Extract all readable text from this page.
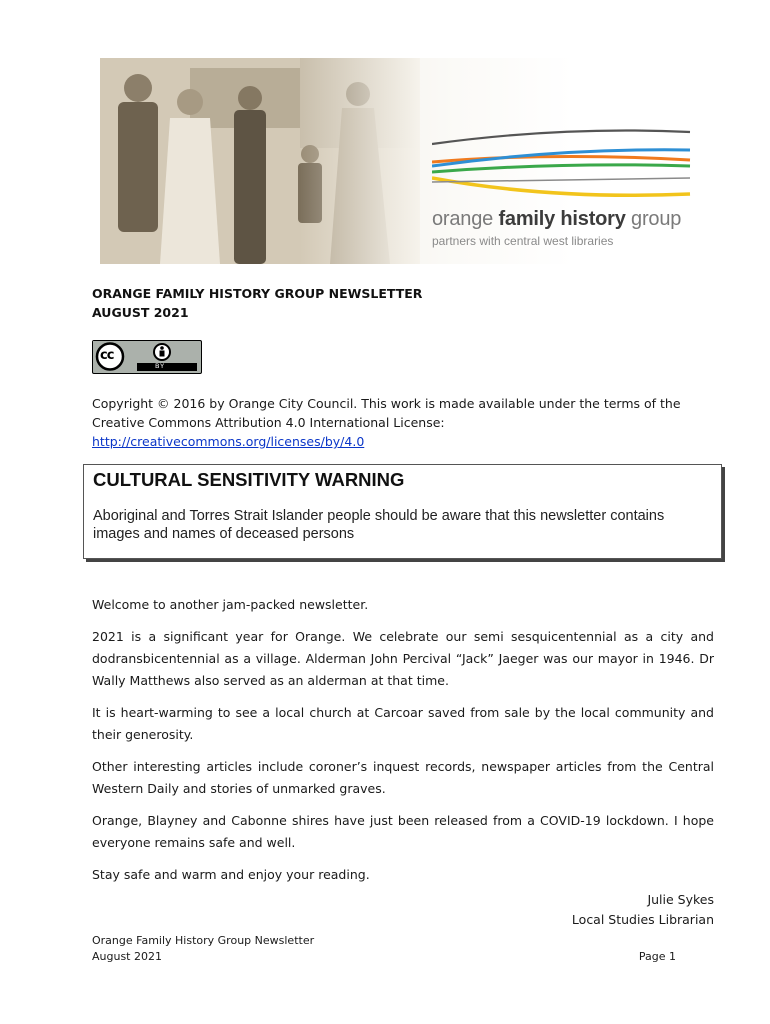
orange family history group
partners with central west libraries
ORANGE FAMILY HISTORY GROUP NEWSLETTER
AUGUST 2021
cc
BY
Copyright © 2016 by Orange City Council. This work is made available under the terms of the Creative Commons Attribution 4.0 International License:
http://creativecommons.org/licenses/by/4.0
CULTURAL SENSITIVITY WARNING

Aboriginal and Torres Strait Islander people should be aware that this newsletter contains images and names of deceased persons

Welcome to another jam-packed newsletter.

2021 is a significant year for Orange. We celebrate our semi sesquicentennial as a city and dodransbicentennial as a village. Alderman John Percival “Jack” Jaeger was our mayor in 1946. Dr Wally Matthews also served as an alderman at that time.

It is heart-warming to see a local church at Carcoar saved from sale by the local community and their generosity.

Other interesting articles include coroner’s inquest records, newspaper articles from the Central Western Daily and stories of unmarked graves.

Orange, Blayney and Cabonne shires have just been released from a COVID-19 lockdown. I hope everyone remains safe and well.

Stay safe and warm and enjoy your reading.

Julie Sykes
Local Studies Librarian
Orange Family History Group Newsletter
August 2021	Page 1
